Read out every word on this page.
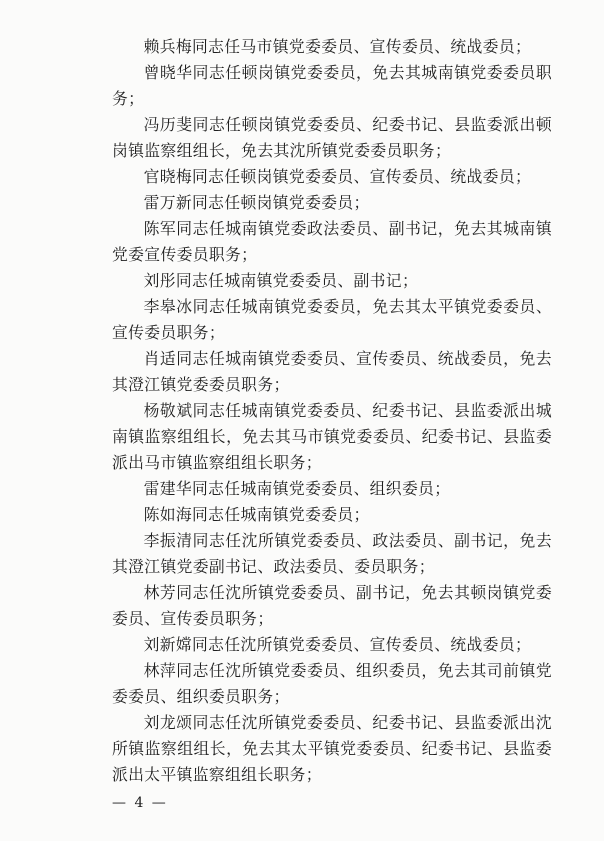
赖兵梅同志任马市镇党委委员、宣传委员、统战委员；

曾晓华同志任顿岗镇党委委员，免去其城南镇党委委员职务；

冯历斐同志任顿岗镇党委委员、纪委书记、县监委派出顿岗镇监察组组长，免去其沈所镇党委委员职务；

官晓梅同志任顿岗镇党委委员、宣传委员、统战委员；

雷万新同志任顿岗镇党委委员；

陈军同志任城南镇党委政法委员、副书记，免去其城南镇党委宣传委员职务；

刘彤同志任城南镇党委委员、副书记；

李皋冰同志任城南镇党委委员，免去其太平镇党委委员、宣传委员职务；

肖适同志任城南镇党委委员、宣传委员、统战委员，免去其澄江镇党委委员职务；

杨敬斌同志任城南镇党委委员、纪委书记、县监委派出城南镇监察组组长，免去其马市镇党委委员、纪委书记、县监委派出马市镇监察组组长职务；

雷建华同志任城南镇党委委员、组织委员；

陈如海同志任城南镇党委委员；

李振清同志任沈所镇党委委员、政法委员、副书记，免去其澄江镇党委副书记、政法委员、委员职务；

林芳同志任沈所镇党委委员、副书记，免去其顿岗镇党委委员、宣传委员职务；

刘新嫦同志任沈所镇党委委员、宣传委员、统战委员；

林萍同志任沈所镇党委委员、组织委员，免去其司前镇党委委员、组织委员职务；

刘龙颂同志任沈所镇党委委员、纪委书记、县监委派出沈所镇监察组组长，免去其太平镇党委委员、纪委书记、县监委派出太平镇监察组组长职务；

— 4 —
